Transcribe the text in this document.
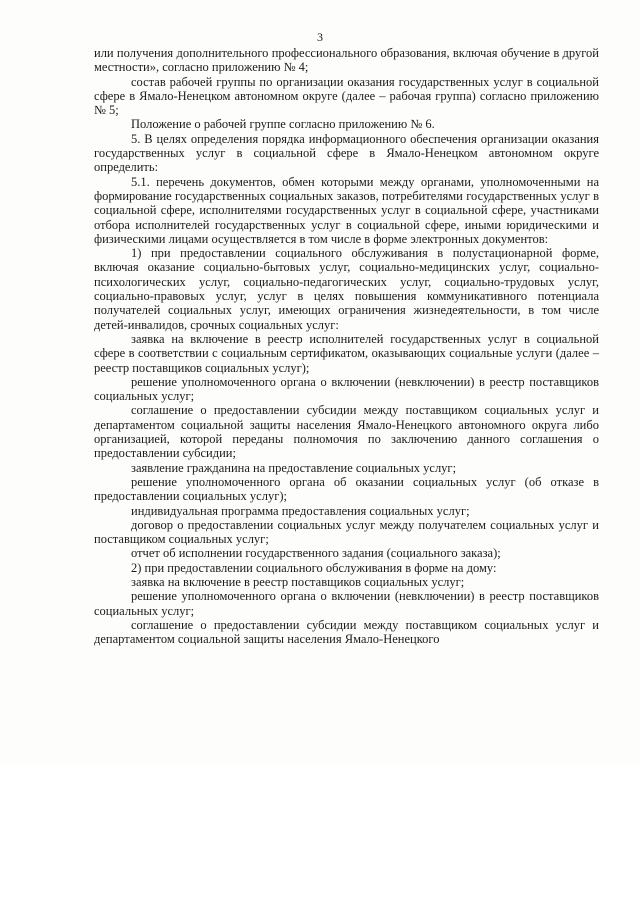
3

или получения дополнительного профессионального образования, включая обучение в другой местности», согласно приложению № 4;

состав рабочей группы по организации оказания государственных услуг в социальной сфере в Ямало-Ненецком автономном округе (далее – рабочая группа) согласно приложению № 5;

Положение о рабочей группе согласно приложению № 6.

5. В целях определения порядка информационного обеспечения организации оказания государственных услуг в социальной сфере в Ямало-Ненецком автономном округе определить:

5.1. перечень документов, обмен которыми между органами, уполномоченными на формирование государственных социальных заказов, потребителями государственных услуг в социальной сфере, исполнителями государственных услуг в социальной сфере, участниками отбора исполнителей государственных услуг в социальной сфере, иными юридическими и физическими лицами осуществляется в том числе в форме электронных документов:

1) при предоставлении социального обслуживания в полустационарной форме, включая оказание социально-бытовых услуг, социально-медицинских услуг, социально-психологических услуг, социально-педагогических услуг, социально-трудовых услуг, социально-правовых услуг, услуг в целях повышения коммуникативного потенциала получателей социальных услуг, имеющих ограничения жизнедеятельности, в том числе детей-инвалидов, срочных социальных услуг:

заявка на включение в реестр исполнителей государственных услуг в социальной сфере в соответствии с социальным сертификатом, оказывающих социальные услуги (далее – реестр поставщиков социальных услуг);

решение уполномоченного органа о включении (невключении) в реестр поставщиков социальных услуг;

соглашение о предоставлении субсидии между поставщиком социальных услуг и департаментом социальной защиты населения Ямало-Ненецкого автономного округа либо организацией, которой переданы полномочия по заключению данного соглашения о предоставлении субсидии;

заявление гражданина на предоставление социальных услуг;

решение уполномоченного органа об оказании социальных услуг (об отказе в предоставлении социальных услуг);

индивидуальная программа предоставления социальных услуг;

договор о предоставлении социальных услуг между получателем социальных услуг и поставщиком социальных услуг;

отчет об исполнении государственного задания (социального заказа);

2) при предоставлении социального обслуживания в форме на дому:

заявка на включение в реестр поставщиков социальных услуг;

решение уполномоченного органа о включении (невключении) в реестр поставщиков социальных услуг;

соглашение о предоставлении субсидии между поставщиком социальных услуг и департаментом социальной защиты населения Ямало-Ненецкого
